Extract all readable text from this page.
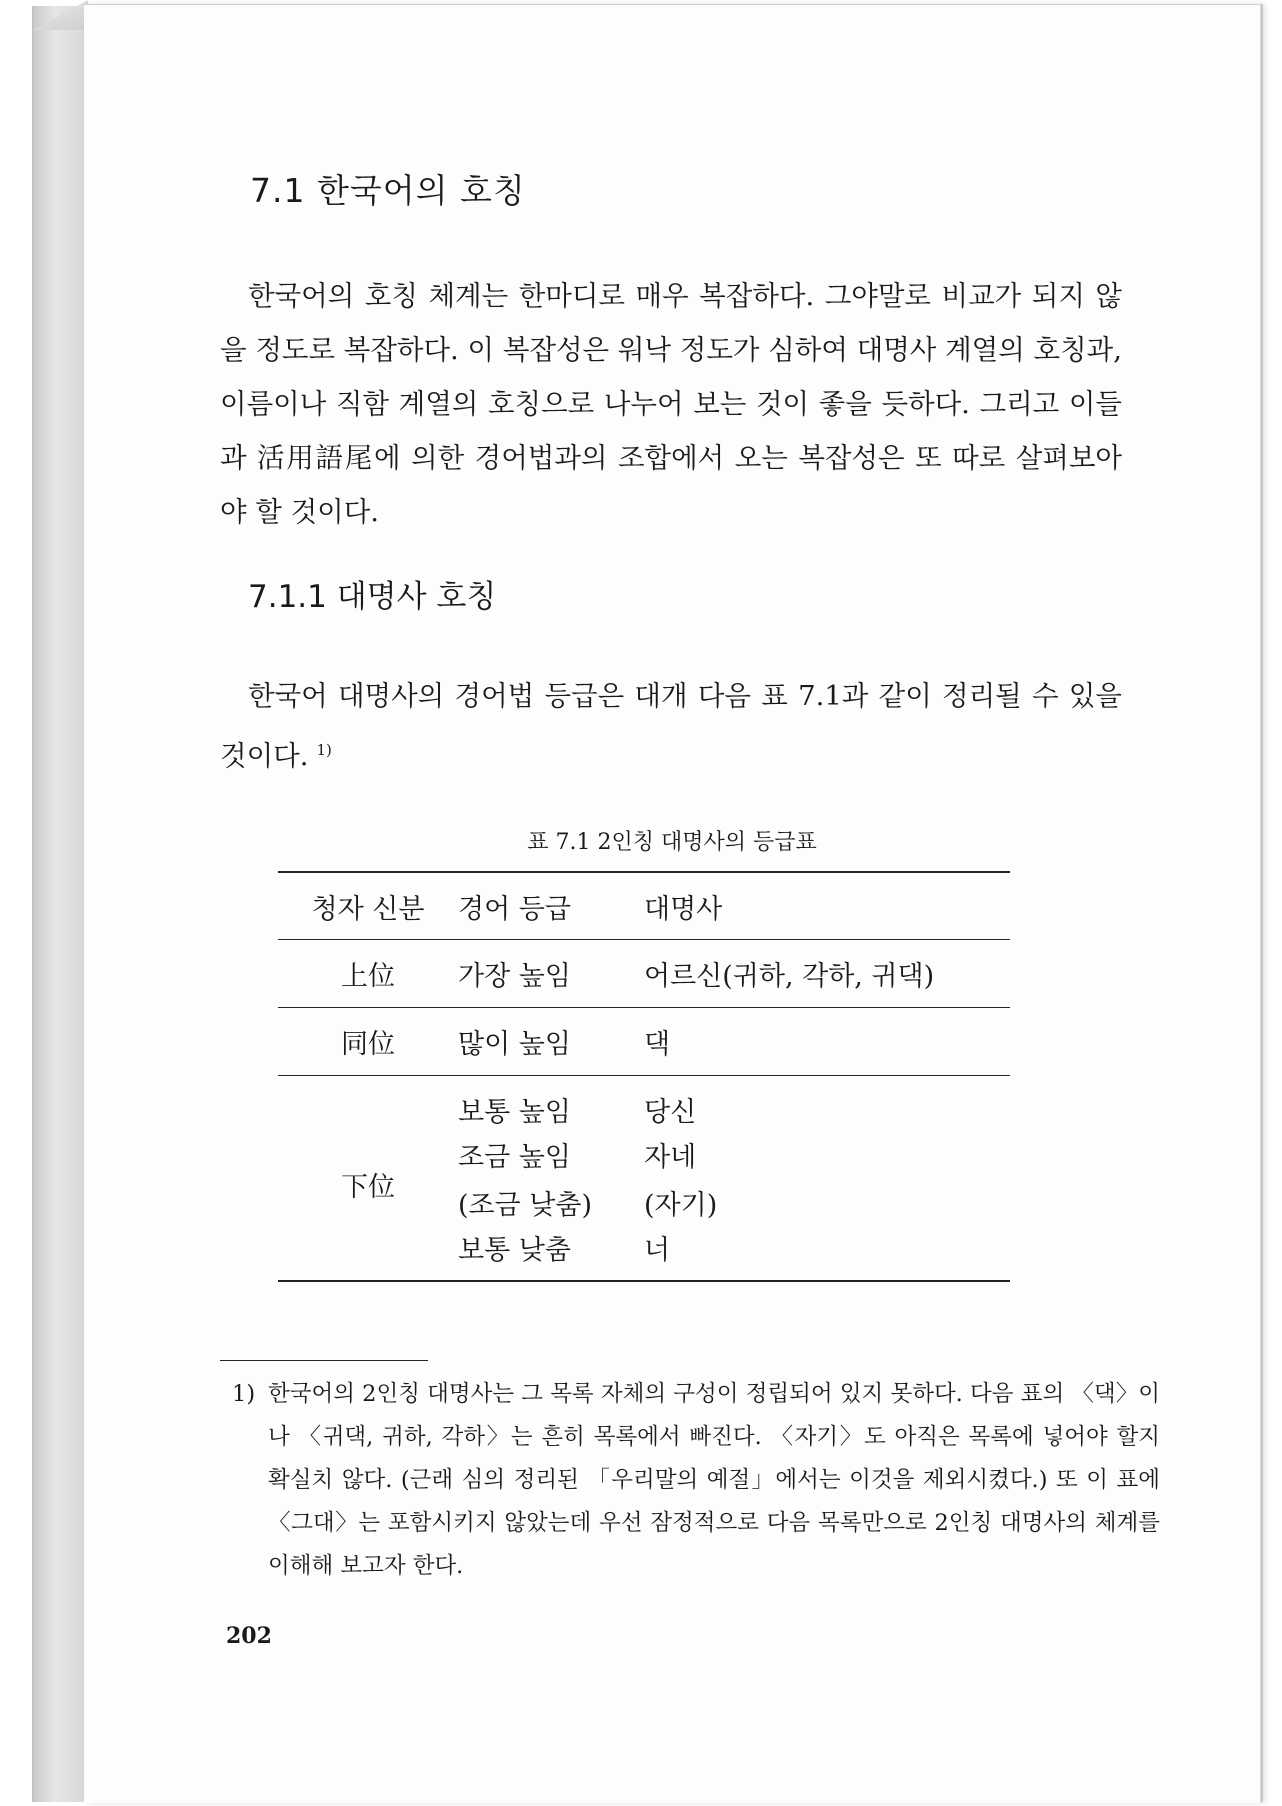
7.1 한국어의 호칭

한국어의 호칭 체계는 한마디로 매우 복잡하다. 그야말로 비교가 되지 않을 정도로 복잡하다. 이 복잡성은 워낙 정도가 심하여 대명사 계열의 호칭과, 이름이나 직함 계열의 호칭으로 나누어 보는 것이 좋을 듯하다. 그리고 이들과 活用語尾에 의한 경어법과의 조합에서 오는 복잡성은 또 따로 살펴보아야 할 것이다.

7.1.1 대명사 호칭

한국어 대명사의 경어법 등급은 대개 다음 표 7.1과 같이 정리될 수 있을 것이다. $^{1)}$

표 7.1 2인칭 대명사의 등급표

청자 신분	경어 등급	대명사
上位	가장 높임	어르신(귀하, 각하, 귀댁)
同位	많이 높임	댁
下位	보통 높임	당신
	조금 높임	자네
	(조금 낮춤)	(자기)
	보통 낮춤	너

1) 한국어의 2인칭 대명사는 그 목록 자체의 구성이 정립되어 있지 못하다. 다음 표의 〈댁〉이나 〈귀댁, 귀하, 각하〉는 흔히 목록에서 빠진다. 〈자기〉도 아직은 목록에 넣어야 할지 확실치 않다. (근래 심의 정리된 「우리말의 예절」에서는 이것을 제외시켰다.) 또 이 표에 〈그대〉는 포함시키지 않았는데 우선 잠정적으로 다음 목록만으로 2인칭 대명사의 체계를 이해해 보고자 한다.

202
